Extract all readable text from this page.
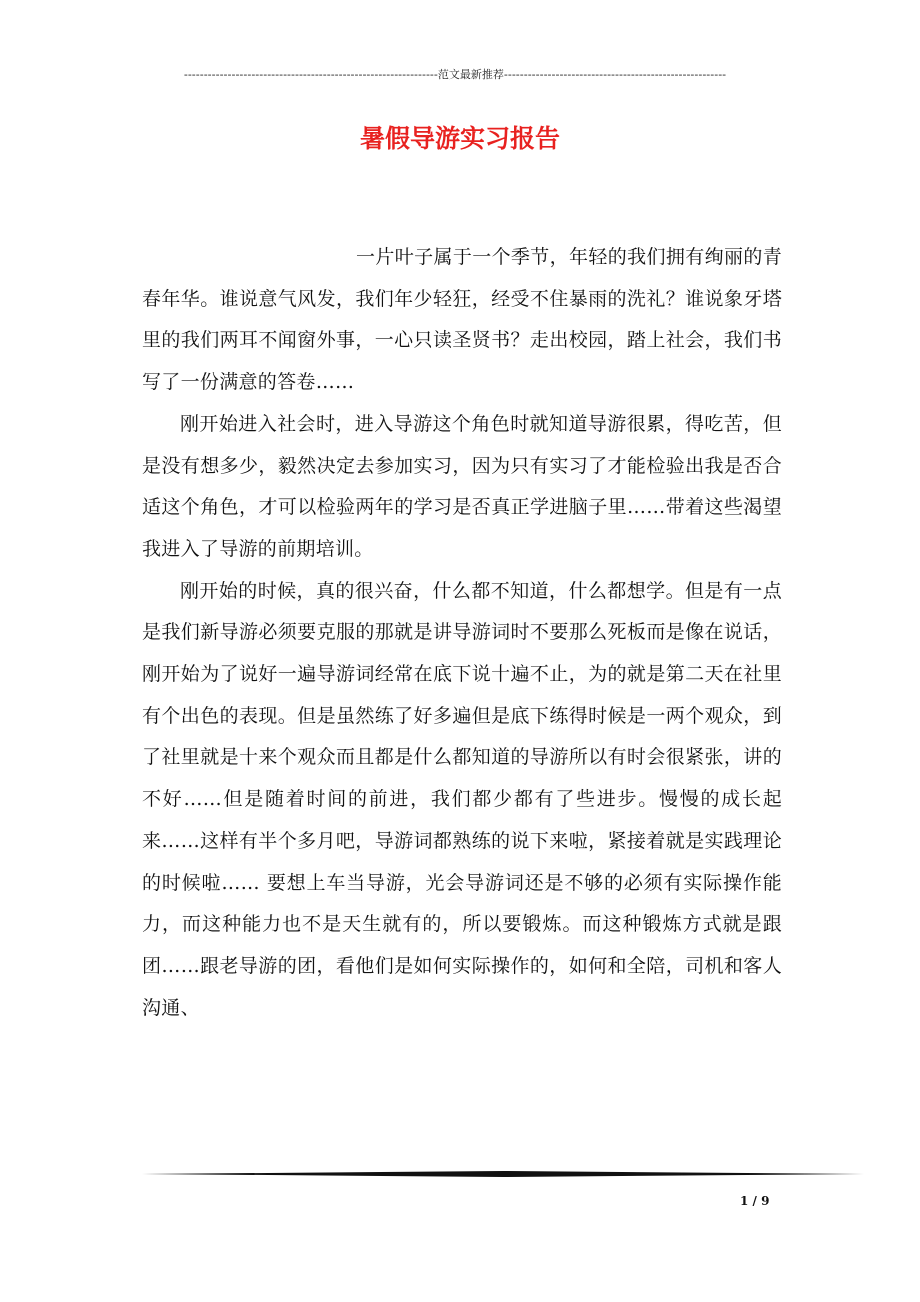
----------------------------------------------------------------范文最新推荐--------------------------------------------------------
暑假导游实习报告

一片叶子属于一个季节，年轻的我们拥有绚丽的青春年华。谁说意气风发，我们年少轻狂，经受不住暴雨的洗礼？谁说象牙塔里的我们两耳不闻窗外事，一心只读圣贤书？走出校园，踏上社会，我们书写了一份满意的答卷……

刚开始进入社会时，进入导游这个角色时就知道导游很累，得吃苦，但是没有想多少，毅然决定去参加实习，因为只有实习了才能检验出我是否合适这个角色，才可以检验两年的学习是否真正学进脑子里……带着这些渴望我进入了导游的前期培训。

刚开始的时候，真的很兴奋，什么都不知道，什么都想学。但是有一点是我们新导游必须要克服的那就是讲导游词时不要那么死板而是像在说话，刚开始为了说好一遍导游词经常在底下说十遍不止，为的就是第二天在社里有个出色的表现。但是虽然练了好多遍但是底下练得时候是一两个观众，到了社里就是十来个观众而且都是什么都知道的导游所以有时会很紧张，讲的不好……但是随着时间的前进，我们都少都有了些进步。慢慢的成长起来……这样有半个多月吧，导游词都熟练的说下来啦，紧接着就是实践理论的时候啦…… 要想上车当导游，光会导游词还是不够的必须有实际操作能力，而这种能力也不是天生就有的，所以要锻炼。而这种锻炼方式就是跟团……跟老导游的团，看他们是如何实际操作的，如何和全陪，司机和客人沟通、

1 / 9
